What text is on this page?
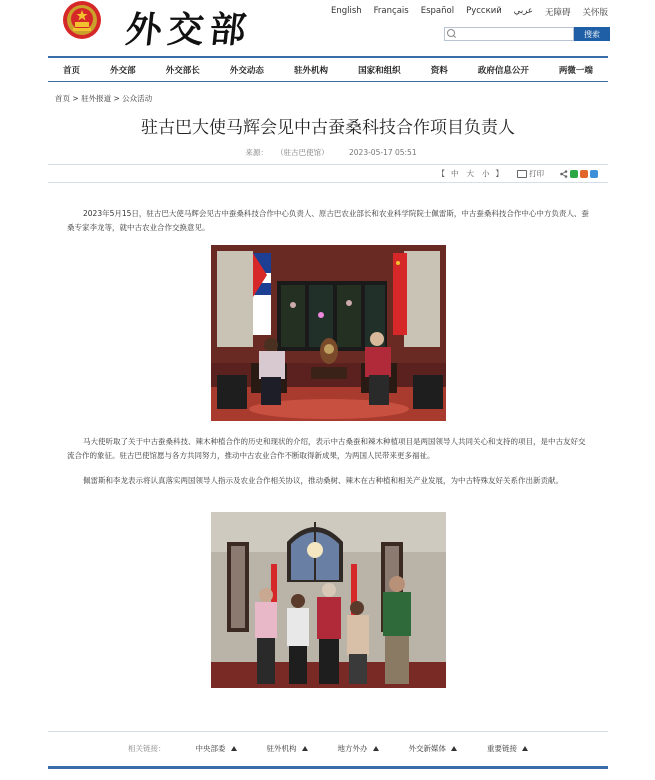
外交部	English Français Español Русский عربي 无障碍 关怀版
搜索
首页	外交部	外交部长	外交动态	驻外机构	国家和组织	资料	政府信息公开	两微一端
首页 > 驻外报道 > 公众活动
驻古巴大使马辉会见中古蚕桑科技合作项目负责人
来源： （驻古巴使馆）	2023-05-17 05:51
【 中 大 小 】	打印

2023年5月15日，驻古巴大使马辉会见古中蚕桑科技合作中心负责人、原古巴农业部长和农业科学院院士佩雷斯，中古蚕桑科技合作中心中方负责人、蚕桑专家李龙等，就中古农业合作交换意见。

马大使听取了关于中古蚕桑科技、辣木种植合作的历史和现状的介绍，表示中古桑蚕和辣木种植项目是两国领导人共同关心和支持的项目，是中古友好交流合作的象征。驻古巴使馆愿与各方共同努力，推动中古农业合作不断取得新成果，为两国人民带来更多福祉。

佩雷斯和李龙表示将认真落实两国领导人指示及农业合作相关协议，推动桑树、辣木在古种植和相关产业发展，为中古特殊友好关系作出新贡献。

相关链接：	中央部委	驻外机构	地方外办	外交新媒体	重要链接
